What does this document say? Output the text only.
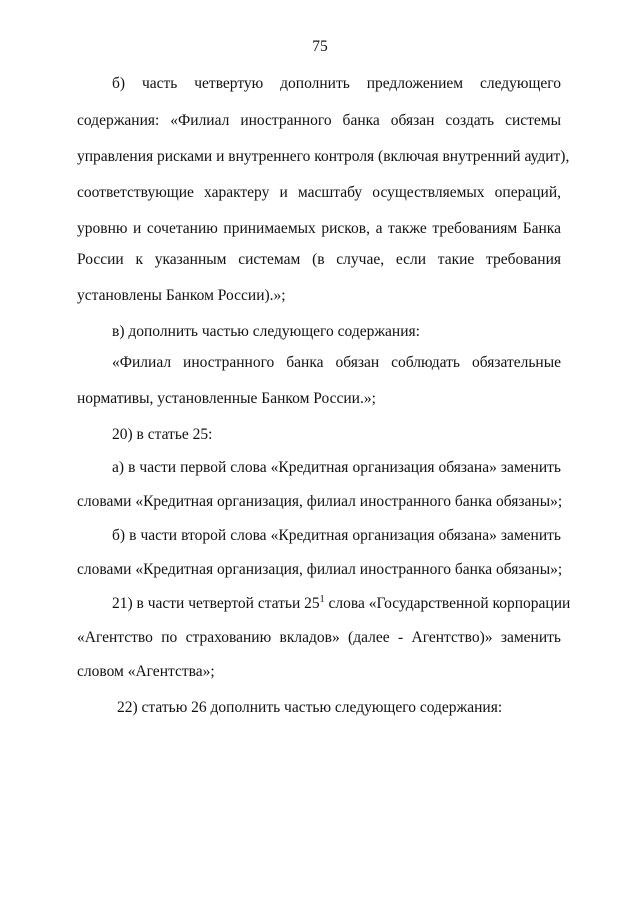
75
б) часть четвертую дополнить предложением следующего
содержания: «Филиал иностранного банка обязан создать системы
управления рисками и внутреннего контроля (включая внутренний аудит),
соответствующие характеру и масштабу осуществляемых операций,
уровню и сочетанию принимаемых рисков, а также требованиям Банка
России к указанным системам (в случае, если такие требования
установлены Банком России).»;
в) дополнить частью следующего содержания:
«Филиал иностранного банка обязан соблюдать обязательные
нормативы, установленные Банком России.»;
20) в статье 25:
а) в части первой слова «Кредитная организация обязана» заменить
словами «Кредитная организация, филиал иностранного банка обязаны»;
б) в части второй слова «Кредитная организация обязана» заменить
словами «Кредитная организация, филиал иностранного банка обязаны»;
21) в части четвертой статьи $25^1$ слова «Государственной корпорации
«Агентство по страхованию вкладов» (далее - Агентство)» заменить
словом «Агентства»;
22) статью 26 дополнить частью следующего содержания:
